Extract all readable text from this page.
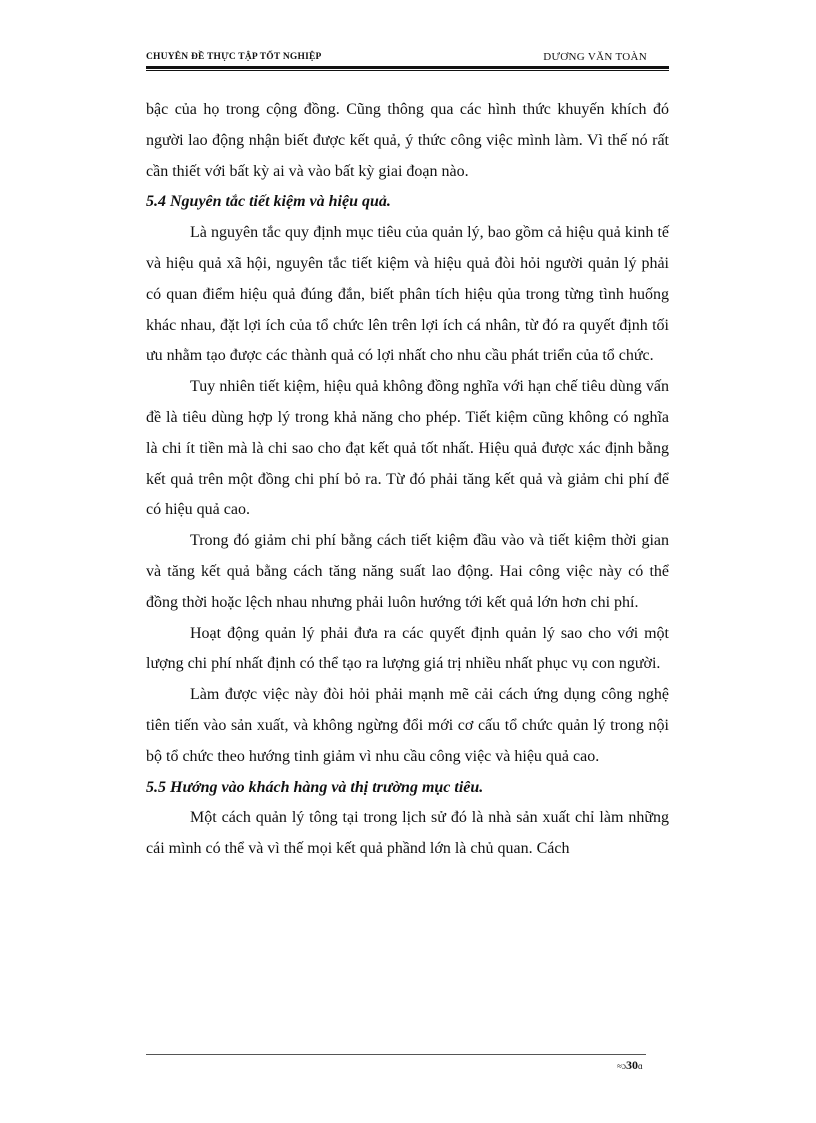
CHUYÊN ĐỀ THỰC TẬP TỐT NGHIỆP	DƯƠNG VĂN TOÀN

bậc của họ trong cộng đồng. Cũng thông qua các hình thức khuyến khích đó người lao động nhận biết được kết quả, ý thức công việc mình làm. Vì thế nó rất cần thiết với bất kỳ ai và vào bất kỳ giai đoạn nào.

5.4 Nguyên tắc tiết kiệm và hiệu quả.

Là nguyên tắc quy định mục tiêu của quản lý, bao gồm cả hiệu quả kinh tế và hiệu quả xã hội, nguyên tắc tiết kiệm và hiệu quả đòi hỏi người quản lý phải có quan điểm hiệu quả đúng đắn, biết phân tích hiệu qủa trong từng tình huống khác nhau, đặt lợi ích của tổ chức lên trên lợi ích cá nhân, từ đó ra quyết định tối ưu nhằm tạo được các thành quả có lợi nhất cho nhu cầu phát triển của tổ chức.

Tuy nhiên tiết kiệm, hiệu quả không đồng nghĩa với hạn chế tiêu dùng vấn đề là tiêu dùng hợp lý trong khả năng cho phép. Tiết kiệm cũng không có nghĩa là chi ít tiền mà là chi sao cho đạt kết quả tốt nhất. Hiệu quả được xác định bằng kết quả trên một đồng chi phí bỏ ra. Từ đó phải tăng kết quả và giảm chi phí để có hiệu quả cao.

Trong đó giảm chi phí bằng cách tiết kiệm đầu vào và tiết kiệm thời gian và tăng kết quả bằng cách tăng năng suất lao động. Hai công việc này có thể đồng thời hoặc lệch nhau nhưng phải luôn hướng tới kết quả lớn hơn chi phí.

Hoạt động quản lý phải đưa ra các quyết định quản lý sao cho với một lượng chi phí nhất định có thể tạo ra lượng giá trị nhiều nhất phục vụ con người.

Làm được việc này đòi hỏi phải mạnh mẽ cải cách ứng dụng công nghệ tiên tiến vào sản xuất, và không ngừng đổi mới cơ cấu tổ chức quản lý trong nội bộ tổ chức theo hướng tinh giảm vì nhu cầu công việc và hiệu quả cao.

5.5 Hướng vào khách hàng và thị trường mục tiêu.

Một cách quản lý tông tại trong lịch sử đó là nhà sản xuất chỉ làm những cái mình có thể và vì thế mọi kết quả phầnd lớn là chủ quan. Cách

≈ɔ 30 ɑ
